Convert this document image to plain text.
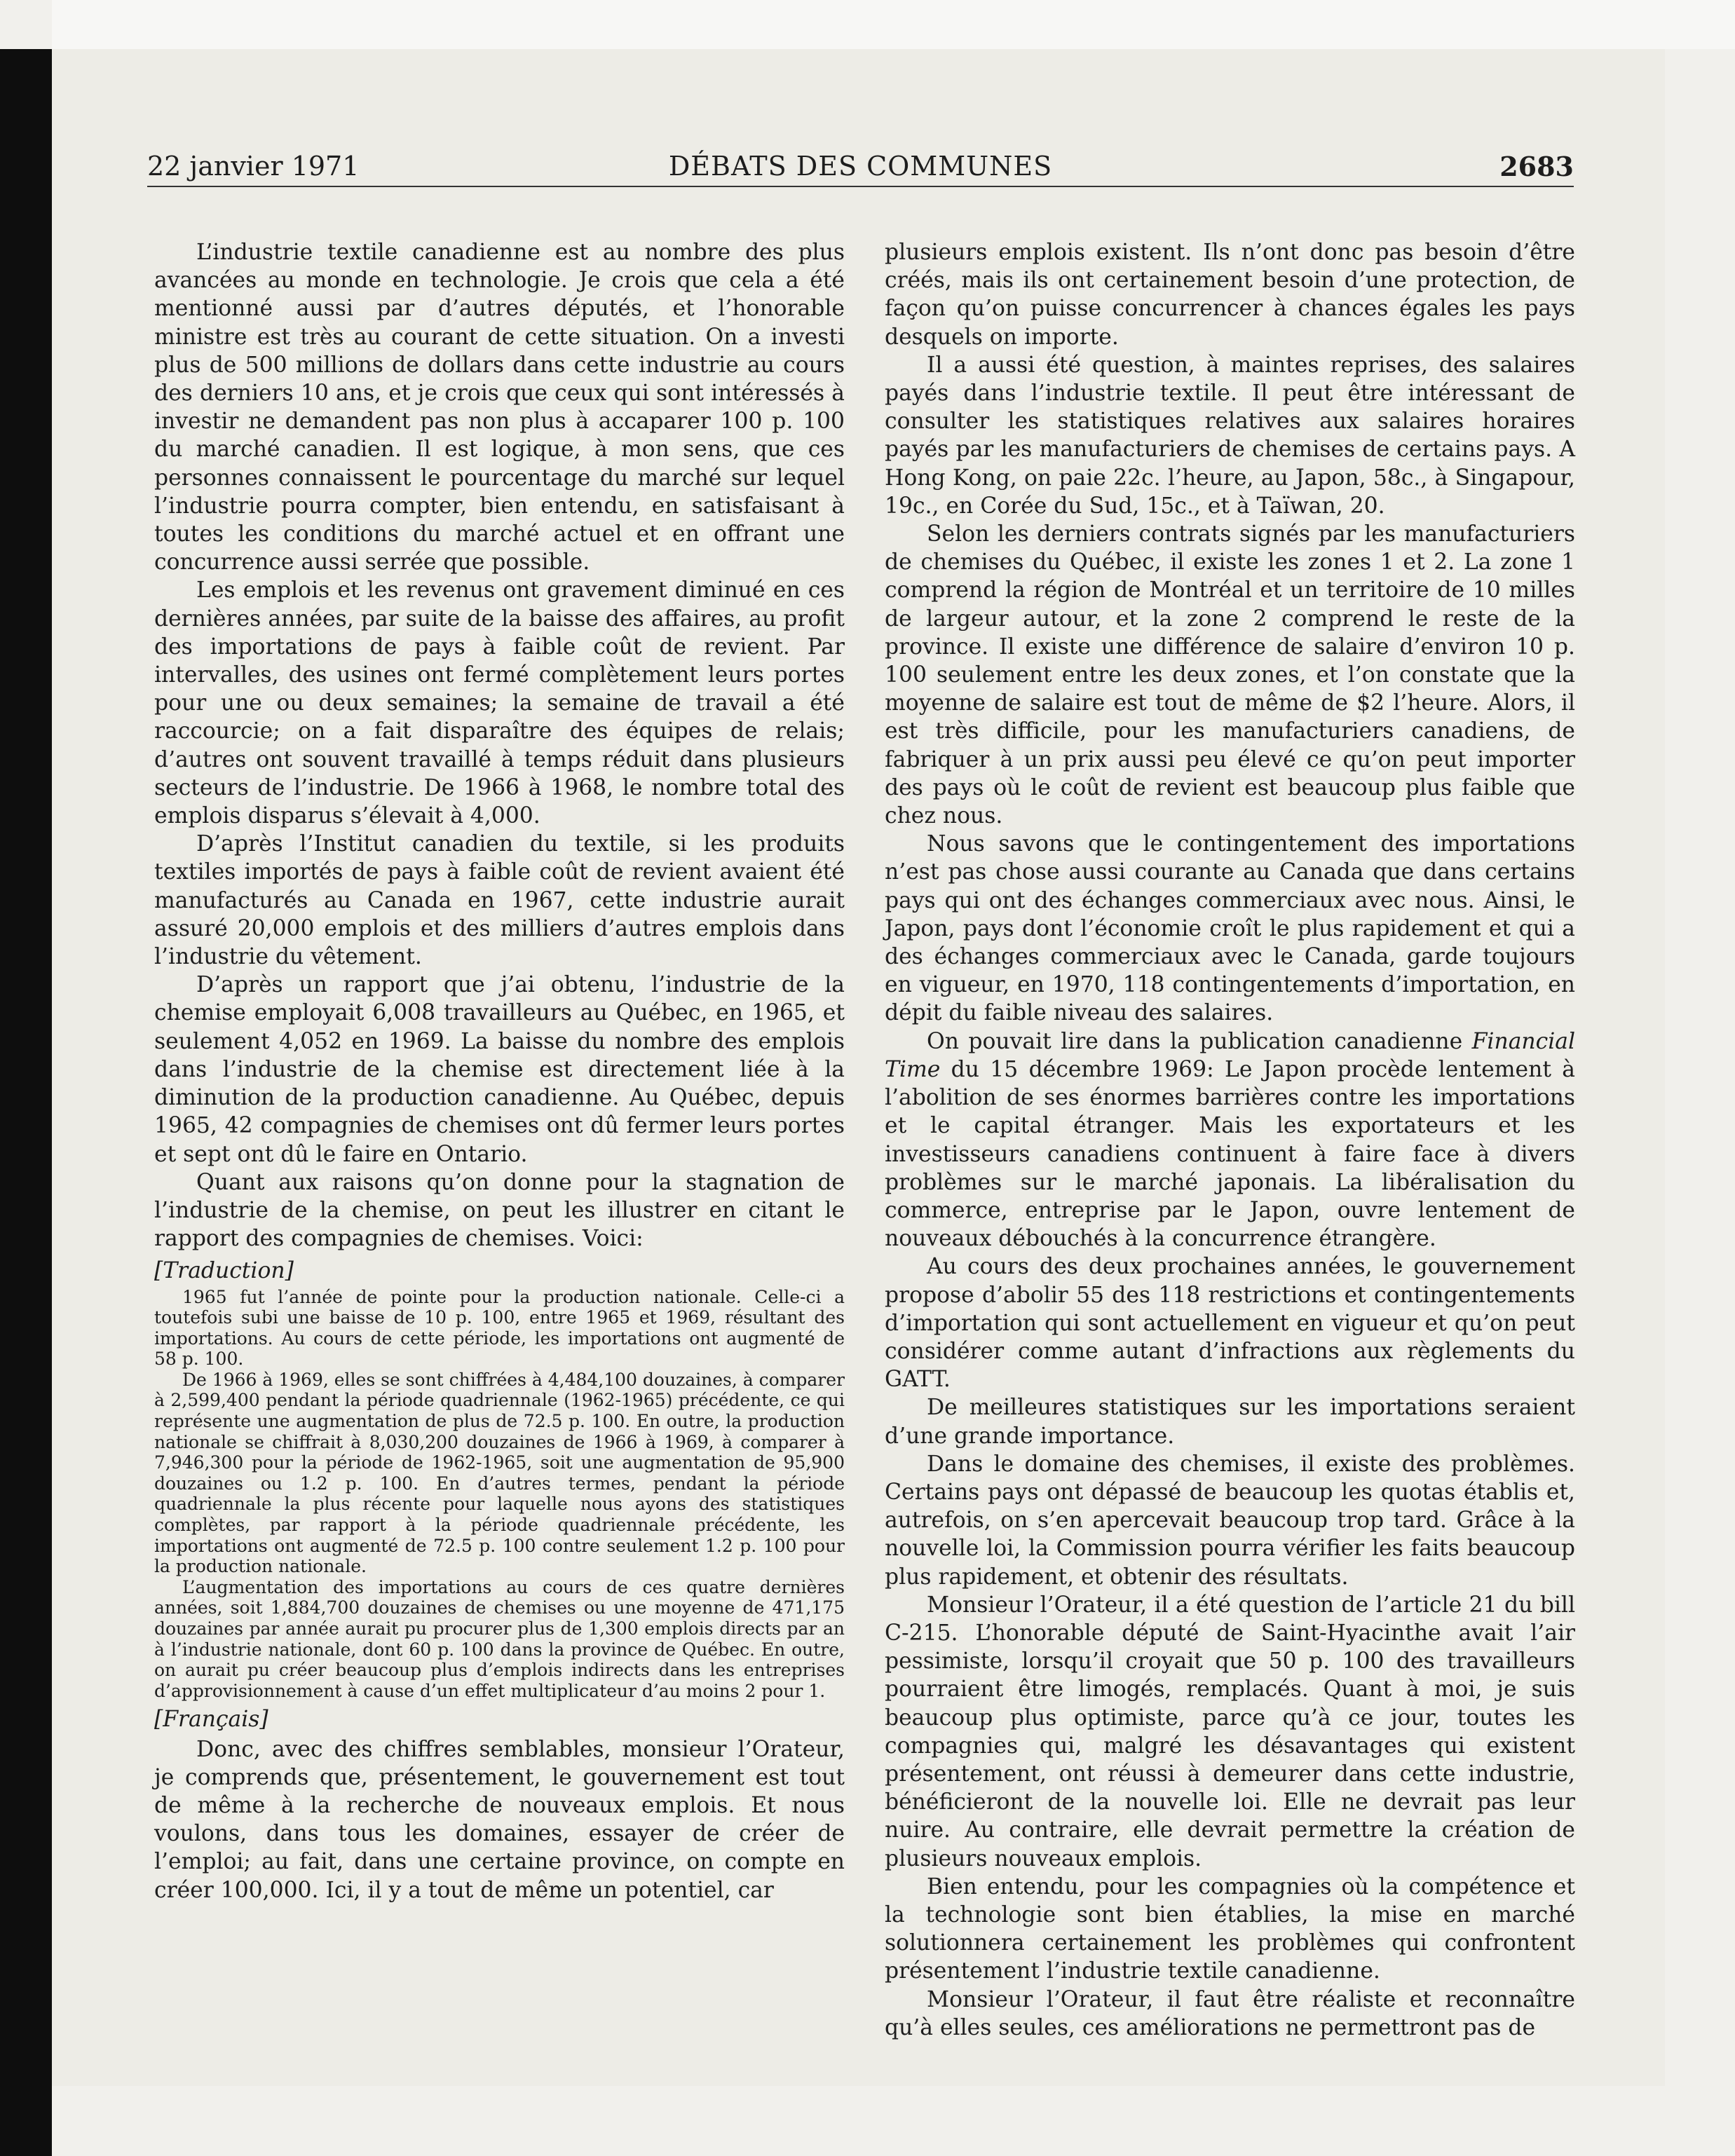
22 janvier 1971	DÉBATS DES COMMUNES	2683

L’industrie textile canadienne est au nombre des plus avancées au monde en technologie. Je crois que cela a été mentionné aussi par d’autres députés, et l’honorable ministre est très au courant de cette situation. On a investi plus de 500 millions de dollars dans cette industrie au cours des derniers 10 ans, et je crois que ceux qui sont intéressés à investir ne demandent pas non plus à accaparer 100 p. 100 du marché canadien. Il est logique, à mon sens, que ces personnes connaissent le pourcentage du marché sur lequel l’industrie pourra compter, bien entendu, en satisfaisant à toutes les conditions du marché actuel et en offrant une concurrence aussi serrée que possible.

Les emplois et les revenus ont gravement diminué en ces dernières années, par suite de la baisse des affaires, au profit des importations de pays à faible coût de revient. Par intervalles, des usines ont fermé complètement leurs portes pour une ou deux semaines; la semaine de travail a été raccourcie; on a fait disparaître des équipes de relais; d’autres ont souvent travaillé à temps réduit dans plusieurs secteurs de l’industrie. De 1966 à 1968, le nombre total des emplois disparus s’élevait à 4,000.

D’après l’Institut canadien du textile, si les produits textiles importés de pays à faible coût de revient avaient été manufacturés au Canada en 1967, cette industrie aurait assuré 20,000 emplois et des milliers d’autres emplois dans l’industrie du vêtement.

D’après un rapport que j’ai obtenu, l’industrie de la chemise employait 6,008 travailleurs au Québec, en 1965, et seulement 4,052 en 1969. La baisse du nombre des emplois dans l’industrie de la chemise est directement liée à la diminution de la production canadienne. Au Québec, depuis 1965, 42 compagnies de chemises ont dû fermer leurs portes et sept ont dû le faire en Ontario.

Quant aux raisons qu’on donne pour la stagnation de l’industrie de la chemise, on peut les illustrer en citant le rapport des compagnies de chemises. Voici:

[Traduction]

1965 fut l’année de pointe pour la production nationale. Celle-ci a toutefois subi une baisse de 10 p. 100, entre 1965 et 1969, résultant des importations. Au cours de cette période, les importations ont augmenté de 58 p. 100.

De 1966 à 1969, elles se sont chiffrées à 4,484,100 douzaines, à comparer à 2,599,400 pendant la période quadriennale (1962-1965) précédente, ce qui représente une augmentation de plus de 72.5 p. 100. En outre, la production nationale se chiffrait à 8,030,200 douzaines de 1966 à 1969, à comparer à 7,946,300 pour la période de 1962-1965, soit une augmentation de 95,900 douzaines ou 1.2 p. 100. En d’autres termes, pendant la période quadriennale la plus récente pour laquelle nous ayons des statistiques complètes, par rapport à la période quadriennale précédente, les importations ont augmenté de 72.5 p. 100 contre seulement 1.2 p. 100 pour la production nationale.

L’augmentation des importations au cours de ces quatre dernières années, soit 1,884,700 douzaines de chemises ou une moyenne de 471,175 douzaines par année aurait pu procurer plus de 1,300 emplois directs par an à l’industrie nationale, dont 60 p. 100 dans la province de Québec. En outre, on aurait pu créer beaucoup plus d’emplois indirects dans les entreprises d’approvisionnement à cause d’un effet multiplicateur d’au moins 2 pour 1.

[Français]

Donc, avec des chiffres semblables, monsieur l’Orateur, je comprends que, présentement, le gouvernement est tout de même à la recherche de nouveaux emplois. Et nous voulons, dans tous les domaines, essayer de créer de l’emploi; au fait, dans une certaine province, on compte en créer 100,000. Ici, il y a tout de même un potentiel, car

plusieurs emplois existent. Ils n’ont donc pas besoin d’être créés, mais ils ont certainement besoin d’une protection, de façon qu’on puisse concurrencer à chances égales les pays desquels on importe.

Il a aussi été question, à maintes reprises, des salaires payés dans l’industrie textile. Il peut être intéressant de consulter les statistiques relatives aux salaires horaires payés par les manufacturiers de chemises de certains pays. A Hong Kong, on paie 22c. l’heure, au Japon, 58c., à Singapour, 19c., en Corée du Sud, 15c., et à Taïwan, 20.

Selon les derniers contrats signés par les manufacturiers de chemises du Québec, il existe les zones 1 et 2. La zone 1 comprend la région de Montréal et un territoire de 10 milles de largeur autour, et la zone 2 comprend le reste de la province. Il existe une différence de salaire d’environ 10 p. 100 seulement entre les deux zones, et l’on constate que la moyenne de salaire est tout de même de $2 l’heure. Alors, il est très difficile, pour les manufacturiers canadiens, de fabriquer à un prix aussi peu élevé ce qu’on peut importer des pays où le coût de revient est beaucoup plus faible que chez nous.

Nous savons que le contingentement des importations n’est pas chose aussi courante au Canada que dans certains pays qui ont des échanges commerciaux avec nous. Ainsi, le Japon, pays dont l’économie croît le plus rapidement et qui a des échanges commerciaux avec le Canada, garde toujours en vigueur, en 1970, 118 contingentements d’importation, en dépit du faible niveau des salaires.

On pouvait lire dans la publication canadienne Financial Time du 15 décembre 1969: Le Japon procède lentement à l’abolition de ses énormes barrières contre les importations et le capital étranger. Mais les exportateurs et les investisseurs canadiens continuent à faire face à divers problèmes sur le marché japonais. La libéralisation du commerce, entreprise par le Japon, ouvre lentement de nouveaux débouchés à la concurrence étrangère.

Au cours des deux prochaines années, le gouvernement propose d’abolir 55 des 118 restrictions et contingentements d’importation qui sont actuellement en vigueur et qu’on peut considérer comme autant d’infractions aux règlements du GATT.

De meilleures statistiques sur les importations seraient d’une grande importance.

Dans le domaine des chemises, il existe des problèmes. Certains pays ont dépassé de beaucoup les quotas établis et, autrefois, on s’en apercevait beaucoup trop tard. Grâce à la nouvelle loi, la Commission pourra vérifier les faits beaucoup plus rapidement, et obtenir des résultats.

Monsieur l’Orateur, il a été question de l’article 21 du bill C-215. L’honorable député de Saint-Hyacinthe avait l’air pessimiste, lorsqu’il croyait que 50 p. 100 des travailleurs pourraient être limogés, remplacés. Quant à moi, je suis beaucoup plus optimiste, parce qu’à ce jour, toutes les compagnies qui, malgré les désavantages qui existent présentement, ont réussi à demeurer dans cette industrie, bénéficieront de la nouvelle loi. Elle ne devrait pas leur nuire. Au contraire, elle devrait permettre la création de plusieurs nouveaux emplois.

Bien entendu, pour les compagnies où la compétence et la technologie sont bien établies, la mise en marché solutionnera certainement les problèmes qui confrontent présentement l’industrie textile canadienne.

Monsieur l’Orateur, il faut être réaliste et reconnaître qu’à elles seules, ces améliorations ne permettront pas de
